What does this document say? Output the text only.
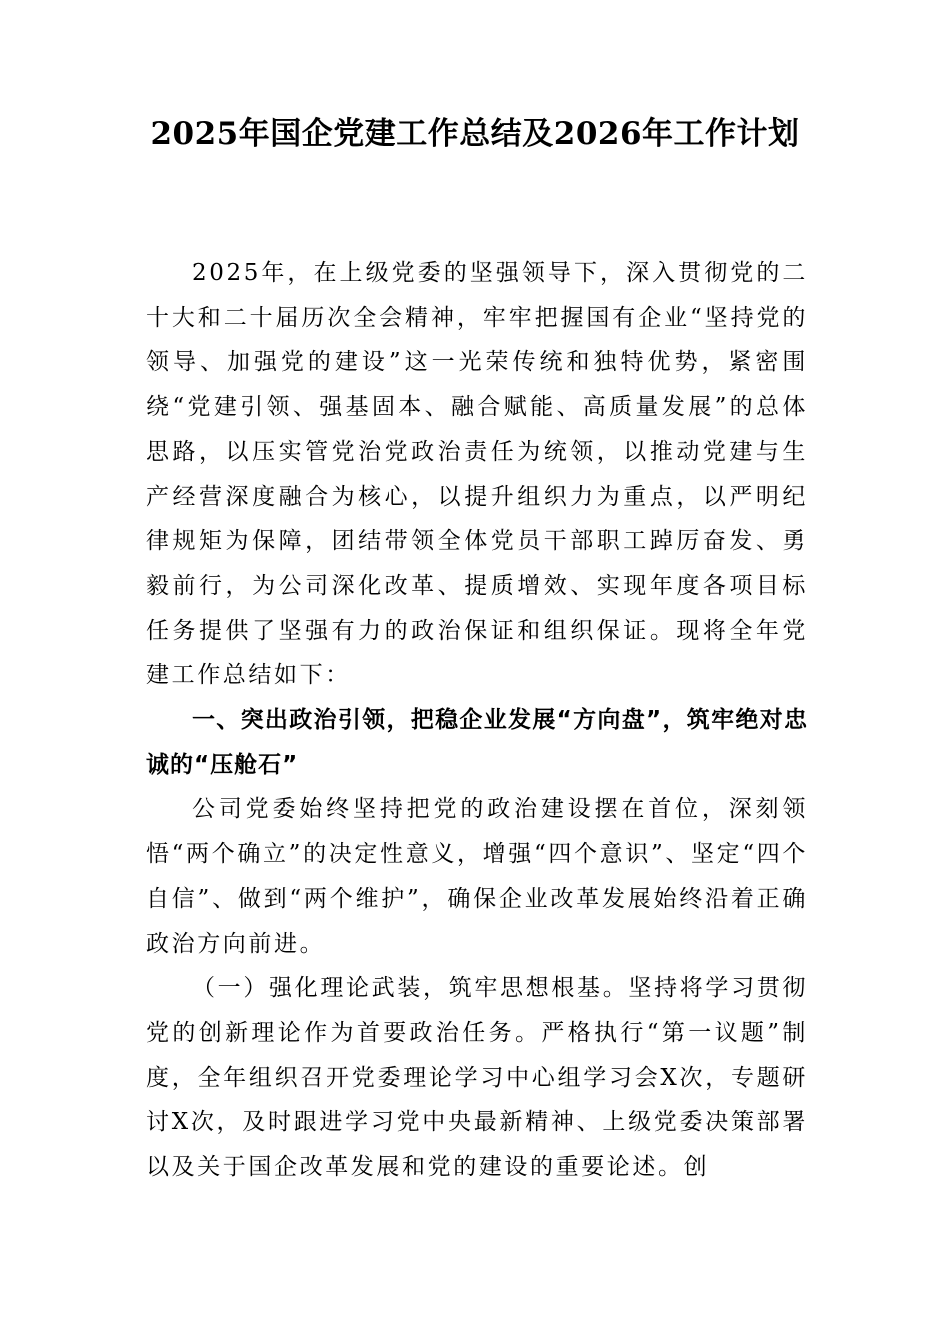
2025年国企党建工作总结及2026年工作计划

2025年，在上级党委的坚强领导下，深入贯彻党的二十大和二十届历次全会精神，牢牢把握国有企业“坚持党的领导、加强党的建设”这一光荣传统和独特优势，紧密围绕“党建引领、强基固本、融合赋能、高质量发展”的总体思路，以压实管党治党政治责任为统领，以推动党建与生产经营深度融合为核心，以提升组织力为重点，以严明纪律规矩为保障，团结带领全体党员干部职工踔厉奋发、勇毅前行，为公司深化改革、提质增效、实现年度各项目标任务提供了坚强有力的政治保证和组织保证。现将全年党建工作总结如下：

一、突出政治引领，把稳企业发展“方向盘”，筑牢绝对忠诚的“压舱石”

公司党委始终坚持把党的政治建设摆在首位，深刻领悟“两个确立”的决定性意义，增强“四个意识”、坚定“四个自信”、做到“两个维护”，确保企业改革发展始终沿着正确政治方向前进。

（一）强化理论武装，筑牢思想根基。坚持将学习贯彻党的创新理论作为首要政治任务。严格执行“第一议题”制度，全年组织召开党委理论学习中心组学习会X次，专题研讨X次，及时跟进学习党中央最新精神、上级党委决策部署以及关于国企改革发展和党的建设的重要论述。创
